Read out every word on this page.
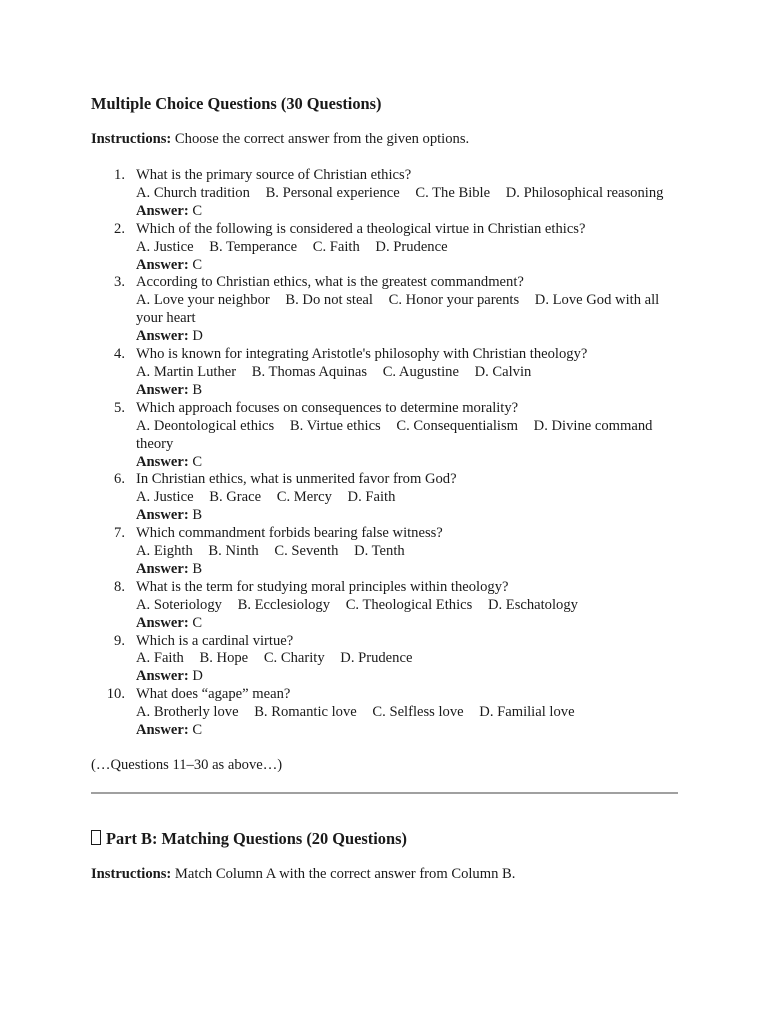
Multiple Choice Questions (30 Questions)

Instructions: Choose the correct answer from the given options.

1. What is the primary source of Christian ethics?
A. Church tradition B. Personal experience C. The Bible D. Philosophical reasoning
Answer: C
2. Which of the following is considered a theological virtue in Christian ethics?
A. Justice B. Temperance C. Faith D. Prudence
Answer: C
3. According to Christian ethics, what is the greatest commandment?
A. Love your neighbor B. Do not steal C. Honor your parents D. Love God with all your heart
Answer: D
4. Who is known for integrating Aristotle's philosophy with Christian theology?
A. Martin Luther B. Thomas Aquinas C. Augustine D. Calvin
Answer: B
5. Which approach focuses on consequences to determine morality?
A. Deontological ethics B. Virtue ethics C. Consequentialism D. Divine command theory
Answer: C
6. In Christian ethics, what is unmerited favor from God?
A. Justice B. Grace C. Mercy D. Faith
Answer: B
7. Which commandment forbids bearing false witness?
A. Eighth B. Ninth C. Seventh D. Tenth
Answer: B
8. What is the term for studying moral principles within theology?
A. Soteriology B. Ecclesiology C. Theological Ethics D. Eschatology
Answer: C
9. Which is a cardinal virtue?
A. Faith B. Hope C. Charity D. Prudence
Answer: D
10. What does “agape” mean?
A. Brotherly love B. Romantic love C. Selfless love D. Familial love
Answer: C

(…Questions 11–30 as above…)

Part B: Matching Questions (20 Questions)

Instructions: Match Column A with the correct answer from Column B.
